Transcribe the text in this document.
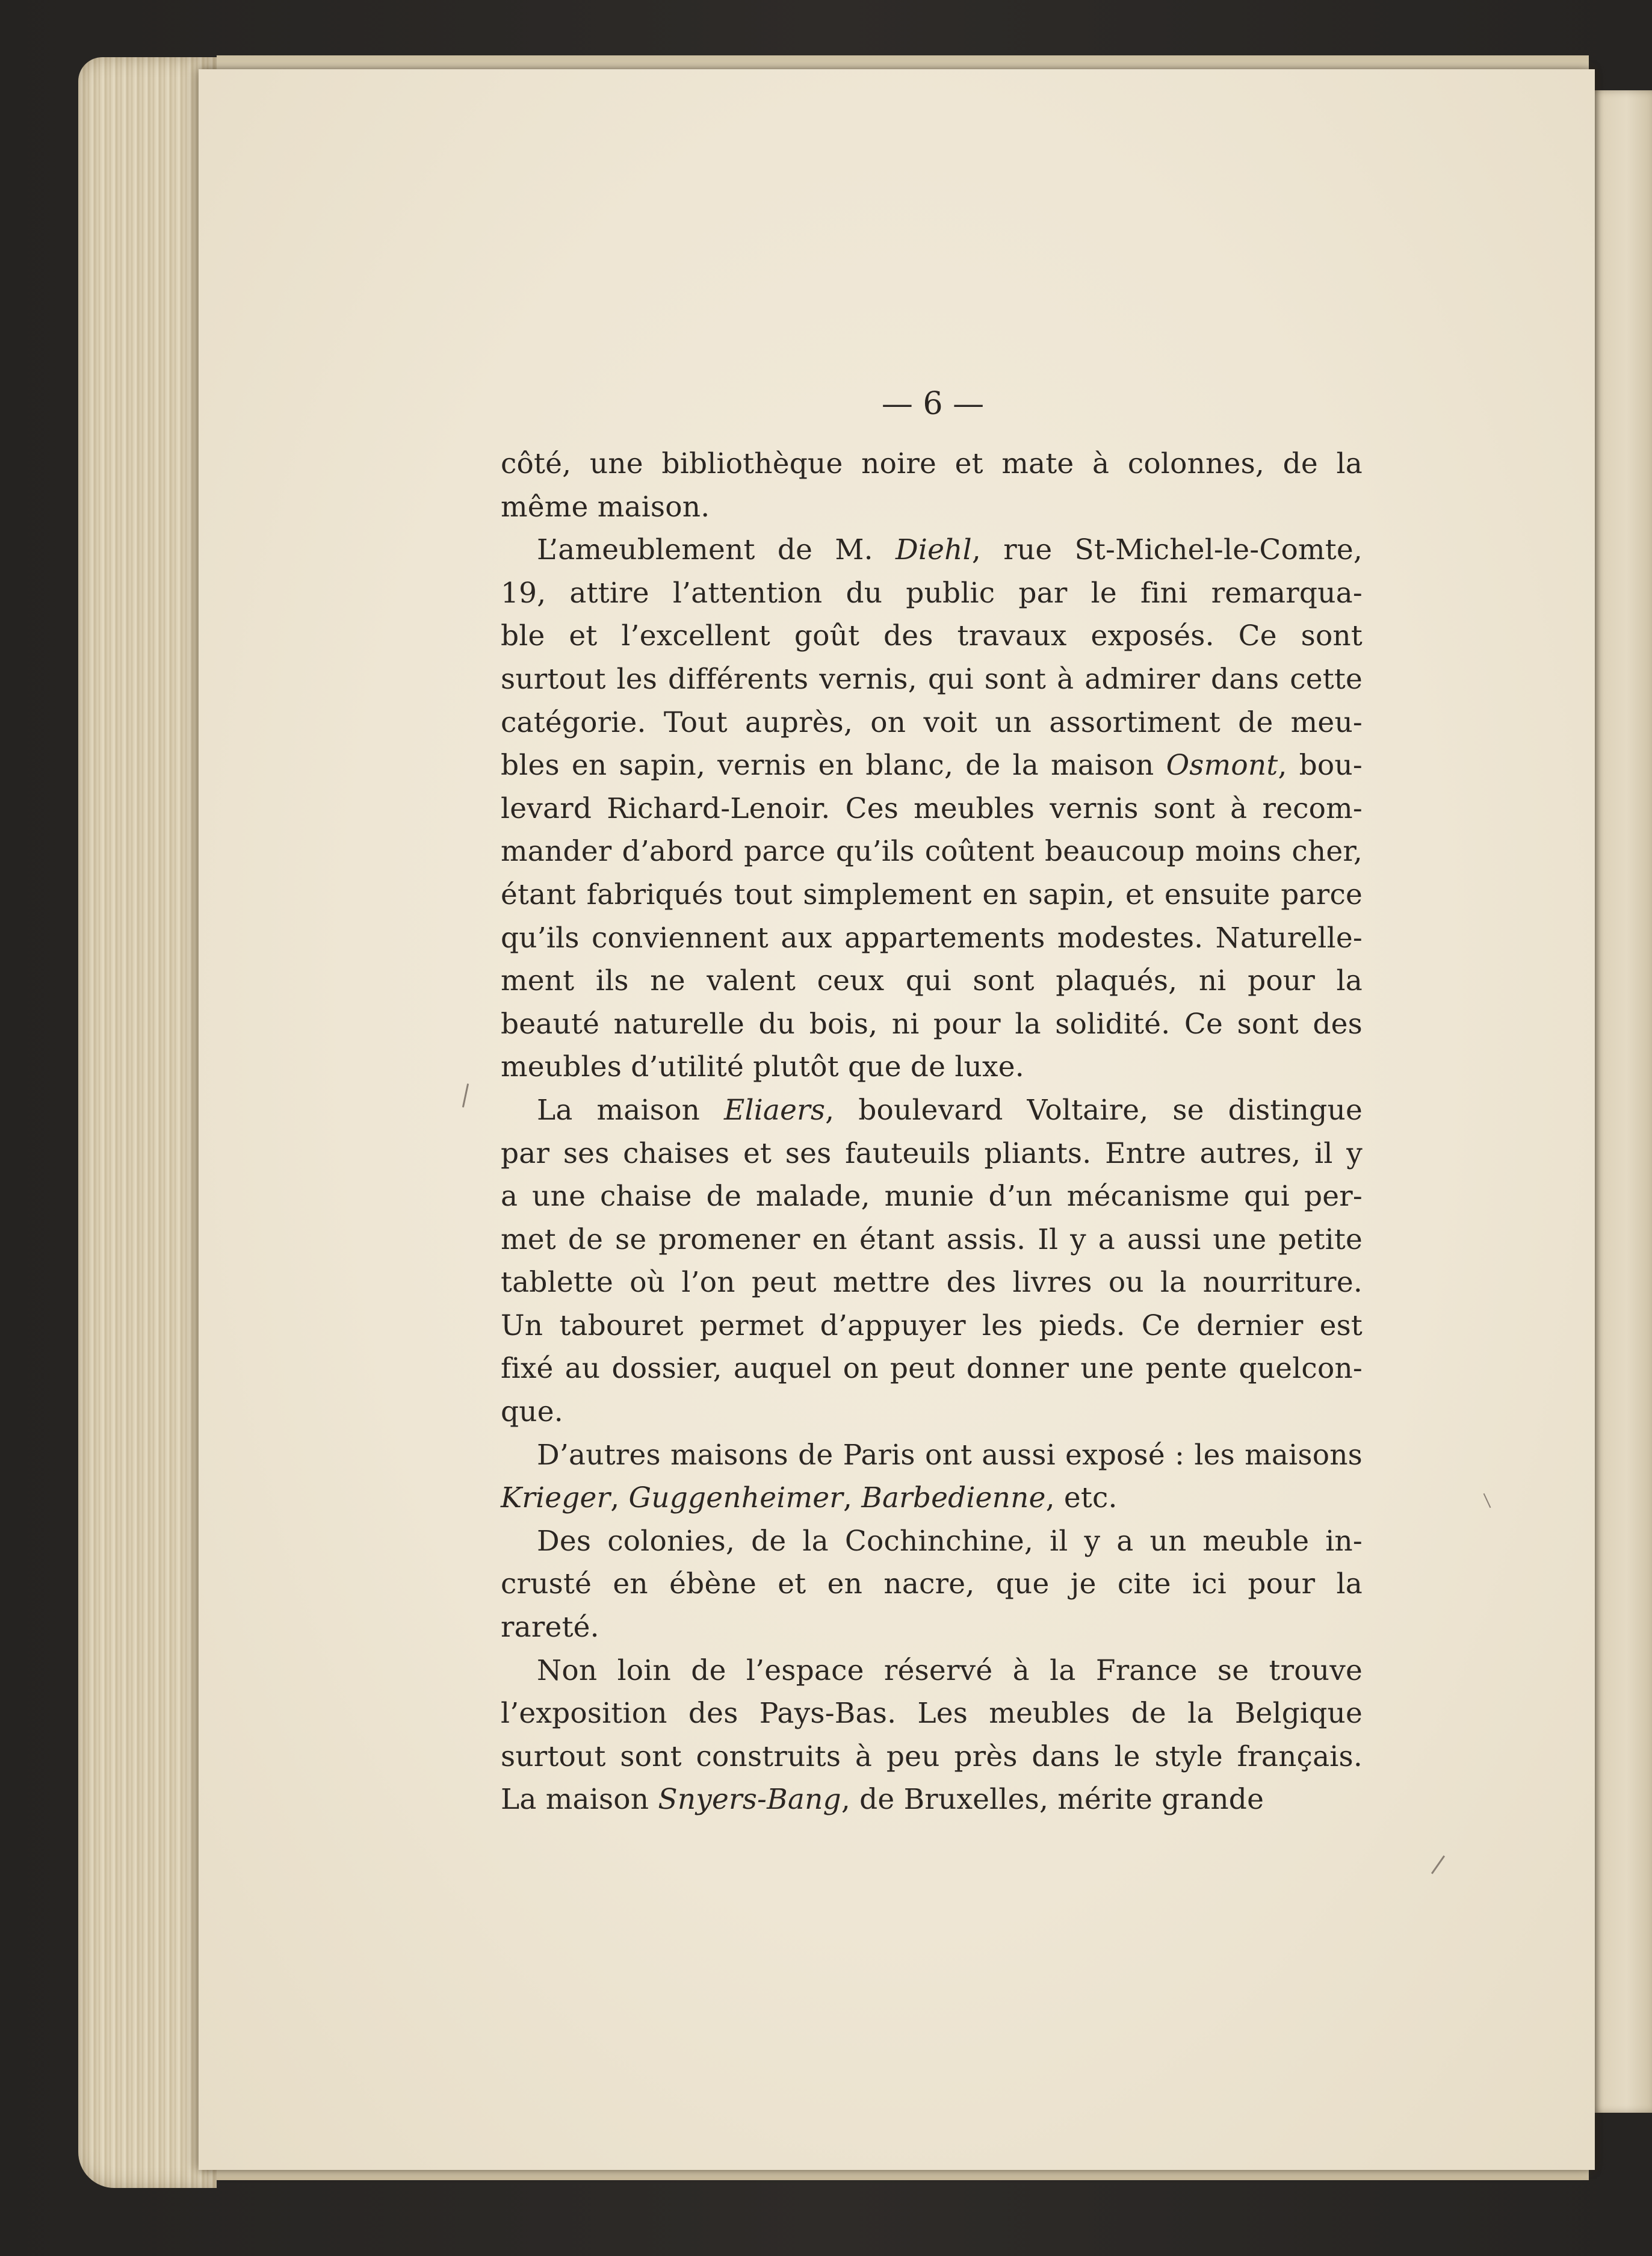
— 6 —
côté, une bibliothèque noire et mate à colonnes, de la
même maison.
L’ameublement de M. Diehl, rue St-Michel-le-Comte,
19, attire l’attention du public par le fini remarqua-
ble et l’excellent goût des travaux exposés. Ce sont
surtout les différents vernis, qui sont à admirer dans cette
catégorie. Tout auprès, on voit un assortiment de meu-
bles en sapin, vernis en blanc, de la maison Osmont, bou-
levard Richard-Lenoir. Ces meubles vernis sont à recom-
mander d’abord parce qu’ils coûtent beaucoup moins cher,
étant fabriqués tout simplement en sapin, et ensuite parce
qu’ils conviennent aux appartements modestes. Naturelle-
ment ils ne valent ceux qui sont plaqués, ni pour la
beauté naturelle du bois, ni pour la solidité. Ce sont des
meubles d’utilité plutôt que de luxe.
La maison Eliaers, boulevard Voltaire, se distingue
par ses chaises et ses fauteuils pliants. Entre autres, il y
a une chaise de malade, munie d’un mécanisme qui per-
met de se promener en étant assis. Il y a aussi une petite
tablette où l’on peut mettre des livres ou la nourriture.
Un tabouret permet d’appuyer les pieds. Ce dernier est
fixé au dossier, auquel on peut donner une pente quelcon-
que.
D’autres maisons de Paris ont aussi exposé : les maisons
Krieger, Guggenheimer, Barbedienne, etc.
Des colonies, de la Cochinchine, il y a un meuble in-
crusté en ébène et en nacre, que je cite ici pour la
rareté.
Non loin de l’espace réservé à la France se trouve
l’exposition des Pays-Bas. Les meubles de la Belgique
surtout sont construits à peu près dans le style français.
La maison Snyers-Bang, de Bruxelles, mérite grande
